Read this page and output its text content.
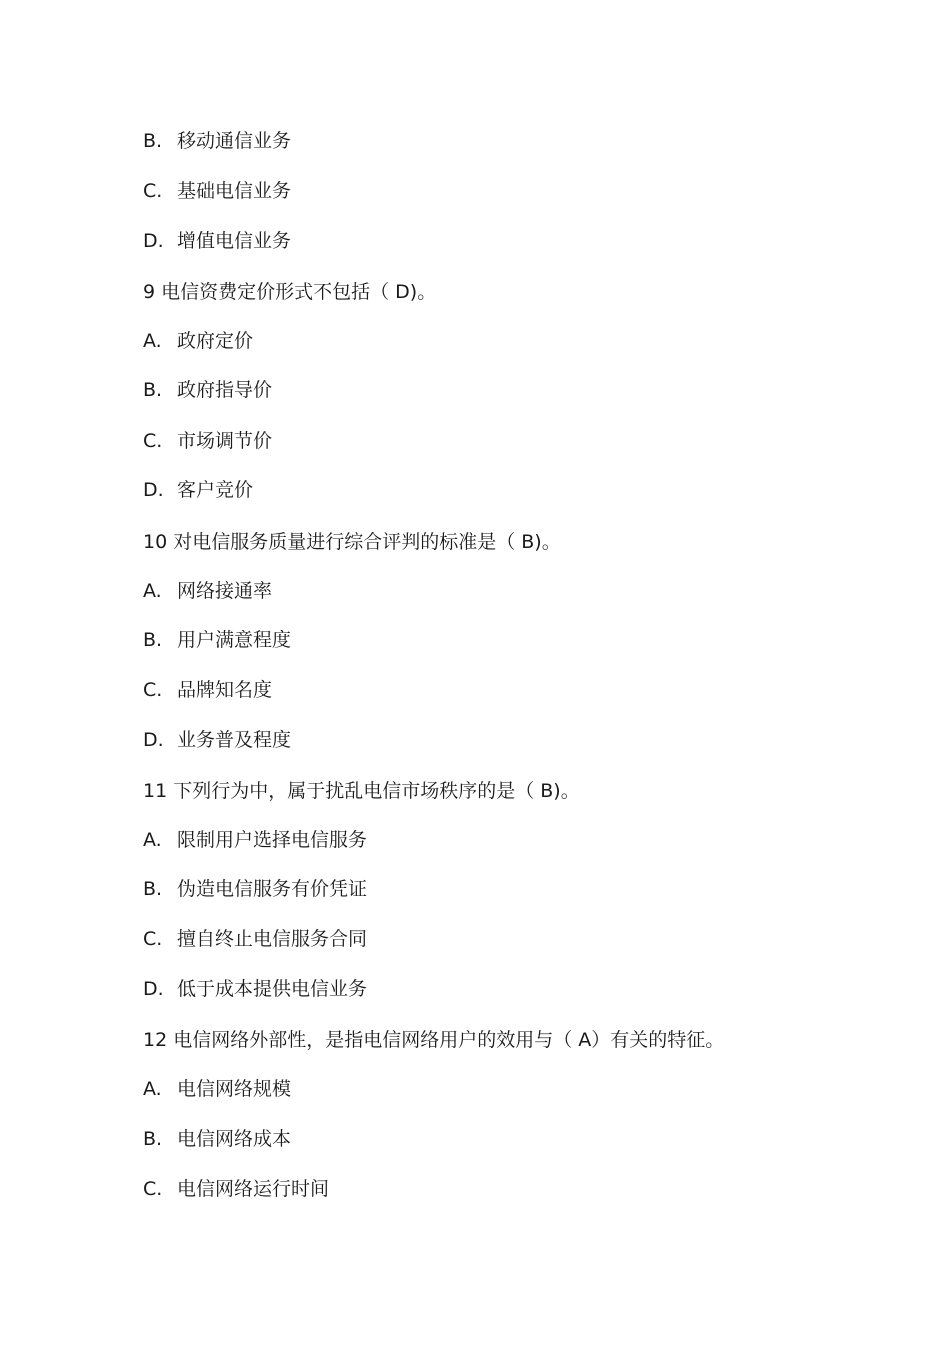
B. 移动通信业务
C. 基础电信业务
D. 增值电信业务
9 电信资费定价形式不包括（ D)。
A. 政府定价
B. 政府指导价
C. 市场调节价
D. 客户竞价
10 对电信服务质量进行综合评判的标准是（ B)。
A. 网络接通率
B. 用户满意程度
C. 品牌知名度
D. 业务普及程度
11 下列行为中，属于扰乱电信市场秩序的是（ B)。
A. 限制用户选择电信服务
B. 伪造电信服务有价凭证
C. 擅自终止电信服务合同
D. 低于成本提供电信业务
12 电信网络外部性，是指电信网络用户的效用与（ A）有关的特征。
A. 电信网络规模
B. 电信网络成本
C. 电信网络运行时间
